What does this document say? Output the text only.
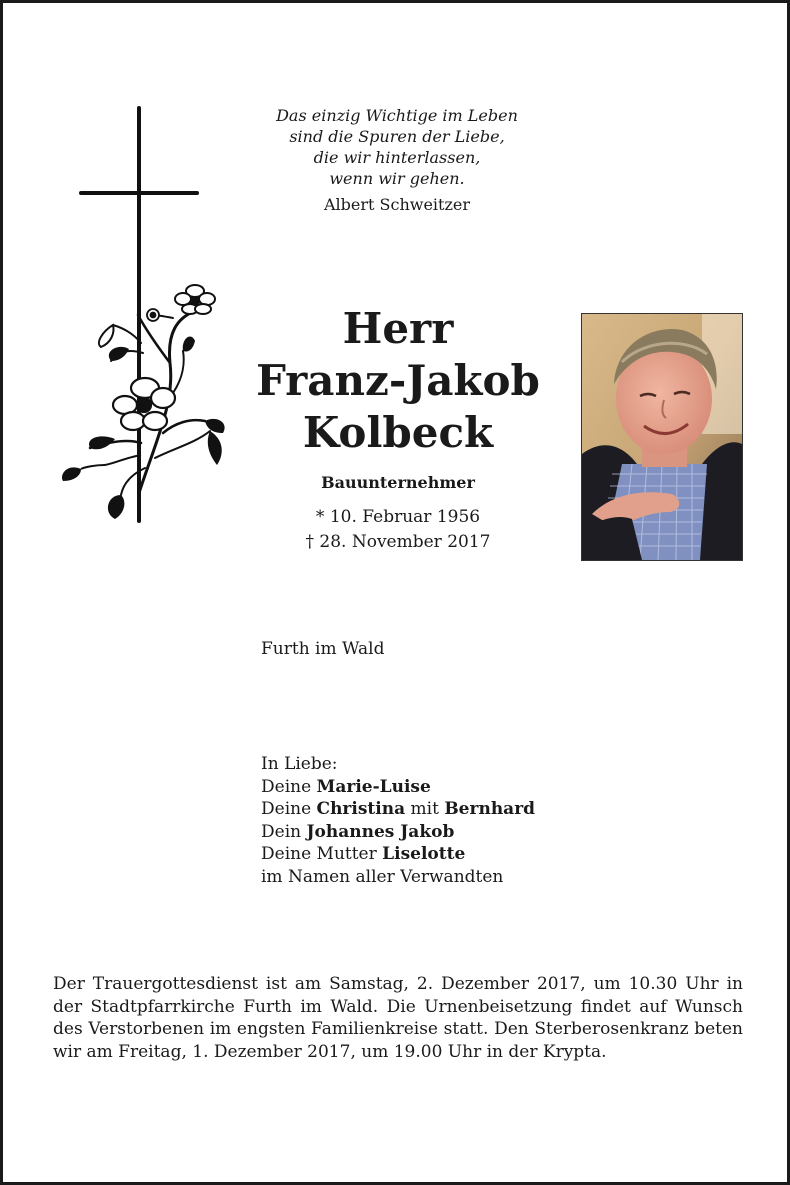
Das einzig Wichtige im Leben
sind die Spuren der Liebe,
die wir hinterlassen,
wenn wir gehen.
Albert Schweitzer

Herr

Franz-Jakob

Kolbeck

Bauunternehmer
* 10. Februar 1956
† 28. November 2017
Furth im Wald
In Liebe:
Deine Marie-Luise
Deine Christina mit Bernhard
Dein Johannes Jakob
Deine Mutter Liselotte
im Namen aller Verwandten
Der Trauergottesdienst ist am Samstag, 2. Dezember 2017, um 10.30 Uhr in der Stadtpfarrkirche Furth im Wald. Die Urnenbeisetzung findet auf Wunsch des Verstorbenen im engsten Familienkreise statt. Den Sterberosenkranz beten wir am Freitag, 1. Dezember 2017, um 19.00 Uhr in der Krypta.
